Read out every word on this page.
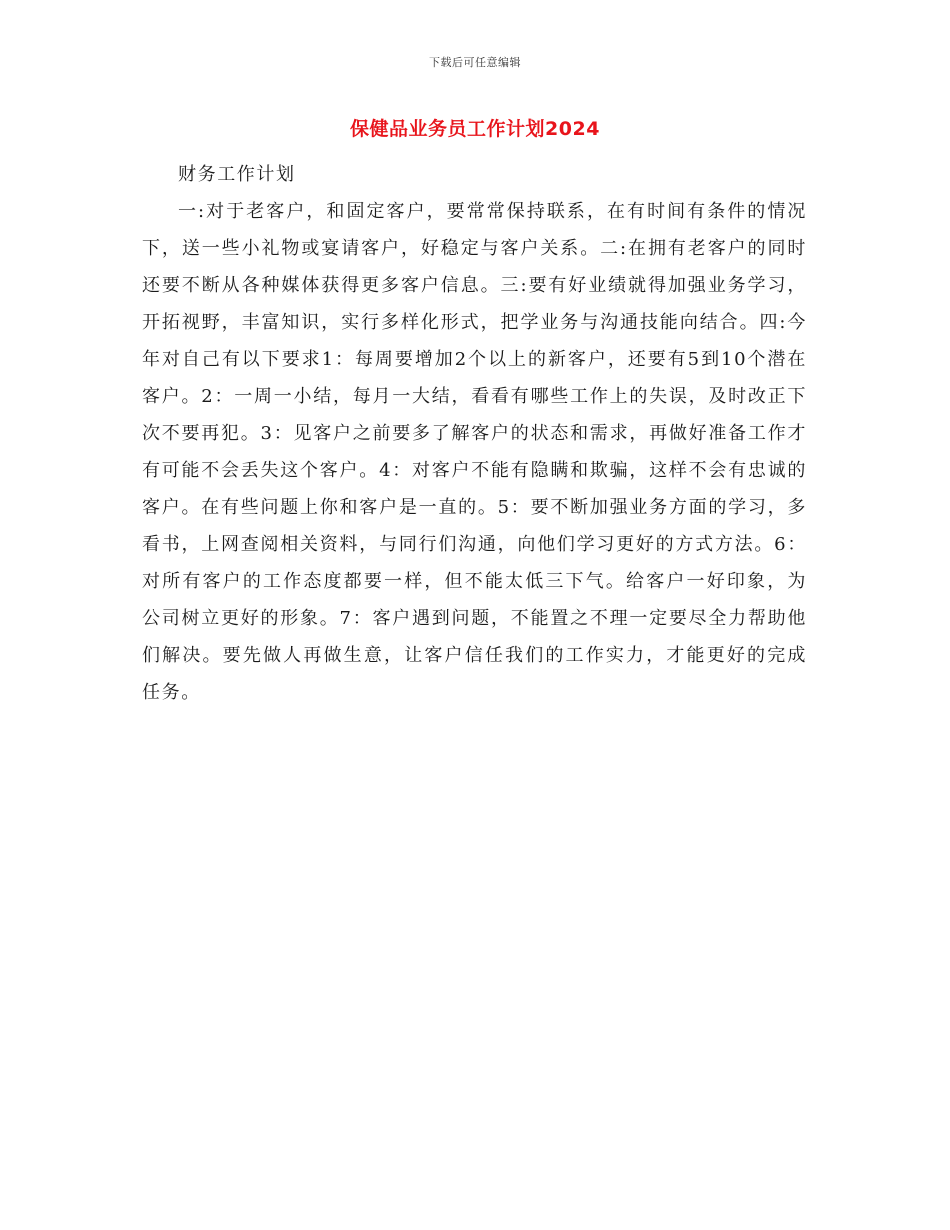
下载后可任意编辑
保健品业务员工作计划2024

财务工作计划

一:对于老客户，和固定客户，要常常保持联系，在有时间有条件的情况下，送一些小礼物或宴请客户，好稳定与客户关系。二:在拥有老客户的同时还要不断从各种媒体获得更多客户信息。三:要有好业绩就得加强业务学习，开拓视野，丰富知识，实行多样化形式，把学业务与沟通技能向结合。四:今年对自己有以下要求1：每周要增加2个以上的新客户，还要有5到10个潜在客户。2：一周一小结，每月一大结，看看有哪些工作上的失误，及时改正下次不要再犯。3：见客户之前要多了解客户的状态和需求，再做好准备工作才有可能不会丢失这个客户。4：对客户不能有隐瞒和欺骗，这样不会有忠诚的客户。在有些问题上你和客户是一直的。5：要不断加强业务方面的学习，多看书，上网查阅相关资料，与同行们沟通，向他们学习更好的方式方法。6：对所有客户的工作态度都要一样，但不能太低三下气。给客户一好印象，为公司树立更好的形象。7：客户遇到问题，不能置之不理一定要尽全力帮助他们解决。要先做人再做生意，让客户信任我们的工作实力，才能更好的完成任务。
